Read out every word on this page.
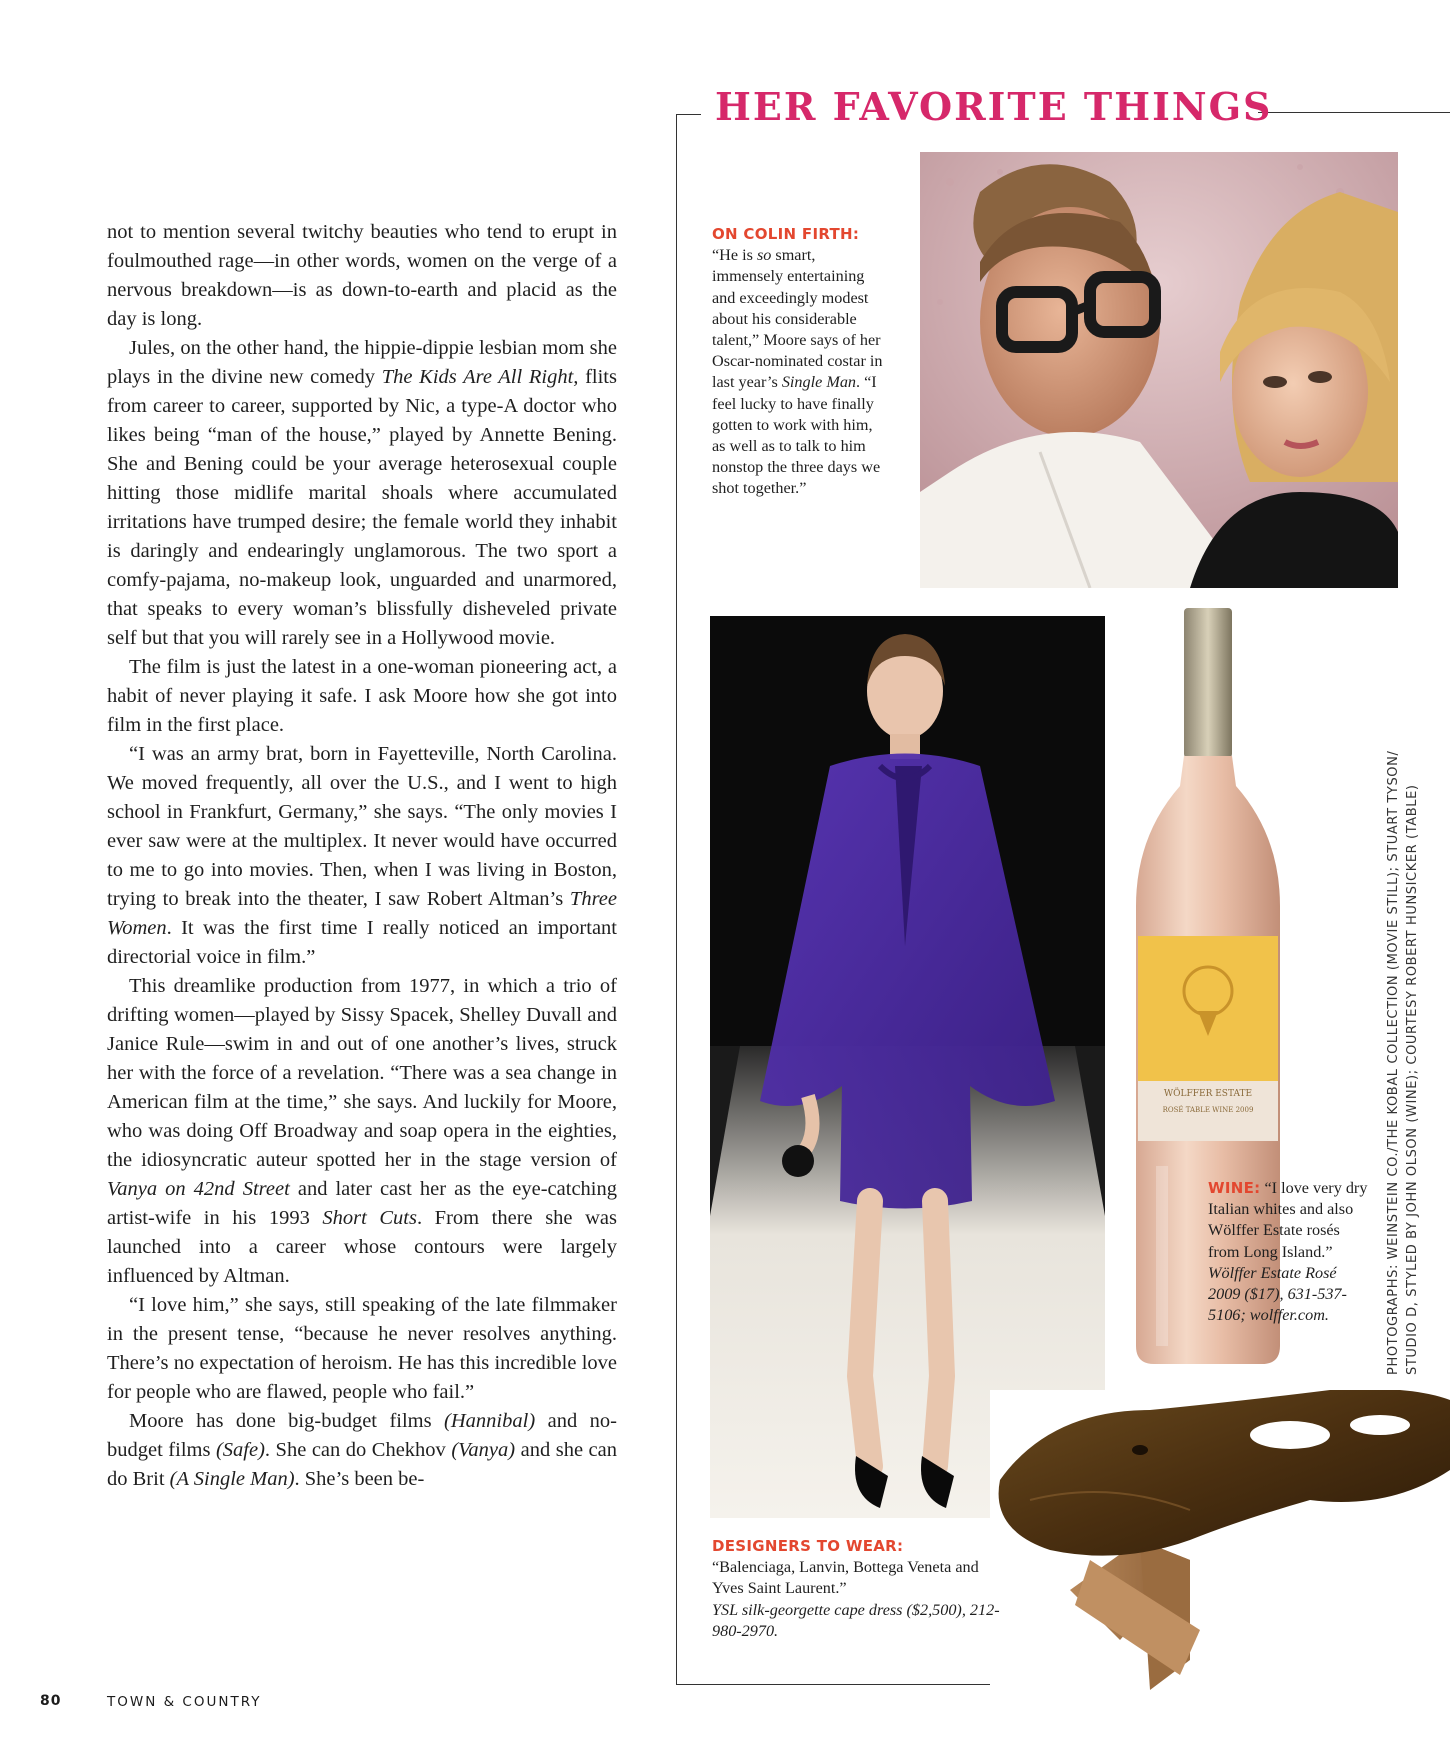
not to mention several twitchy beauties who tend to erupt in foulmouthed rage—in other words, women on the verge of a nervous breakdown—is as down-to-earth and placid as the day is long.

Jules, on the other hand, the hippie-dippie lesbian mom she plays in the divine new comedy The Kids Are All Right, flits from career to career, supported by Nic, a type-A doctor who likes being “man of the house,” played by Annette Bening. She and Bening could be your average heterosexual couple hitting those midlife marital shoals where accumulated irritations have trumped desire; the female world they inhabit is daringly and endearingly unglamorous. The two sport a comfy-pajama, no-makeup look, unguarded and unarmored, that speaks to every woman’s blissfully disheveled private self but that you will rarely see in a Hollywood movie.

The film is just the latest in a one-woman pioneering act, a habit of never playing it safe. I ask Moore how she got into film in the first place.

“I was an army brat, born in Fayetteville, North Carolina. We moved frequently, all over the U.S., and I went to high school in Frankfurt, Germany,” she says. “The only movies I ever saw were at the multiplex. It never would have occurred to me to go into movies. Then, when I was living in Boston, trying to break into the theater, I saw Robert Altman’s Three Women. It was the first time I really noticed an important directorial voice in film.”

This dreamlike production from 1977, in which a trio of drifting women—played by Sissy Spacek, Shelley Duvall and Janice Rule—swim in and out of one another’s lives, struck her with the force of a revelation. “There was a sea change in American film at the time,” she says. And luckily for Moore, who was doing Off Broadway and soap opera in the eighties, the idiosyncratic auteur spotted her in the stage version of Vanya on 42nd Street and later cast her as the eye-catching artist-wife in his 1993 Short Cuts. From there she was launched into a career whose contours were largely influenced by Altman.

“I love him,” she says, still speaking of the late filmmaker in the present tense, “because he never resolves anything. There’s no expectation of heroism. He has this incredible love for people who are flawed, people who fail.”

Moore has done big-budget films (Hannibal) and no-budget films (Safe). She can do Chekhov (Vanya) and she can do Brit (A Single Man). She’s been be-

80	TOWN & COUNTRY
HER FAVORITE THINGS
ON COLIN FIRTH:
“He is so smart, immensely entertaining and exceedingly modest about his considerable talent,” Moore says of her Oscar-nominated costar in last year’s Single Man. “I feel lucky to have finally gotten to work with him, as well as to talk to him nonstop the three days we shot together.”
WÖLFFER ESTATE
ROSÉ TABLE WINE 2009
DESIGNERS TO WEAR:
“Balenciaga, Lanvin, Bottega Veneta and Yves Saint Laurent.”
YSL silk-georgette cape dress ($2,500), 212-980-2970.
WINE: “I love very dry Italian whites and also Wölffer Estate rosés from Long Island.”
Wölffer Estate Rosé 2009 ($17), 631-537-5106; wolffer.com.	PHOTOGRAPHS: WEINSTEIN CO./THE KOBAL COLLECTION (MOVIE STILL); STUART TYSON/ STUDIO D, STYLED BY JOHN OLSON (WINE); COURTESY ROBERT HUNSICKER (TABLE)
